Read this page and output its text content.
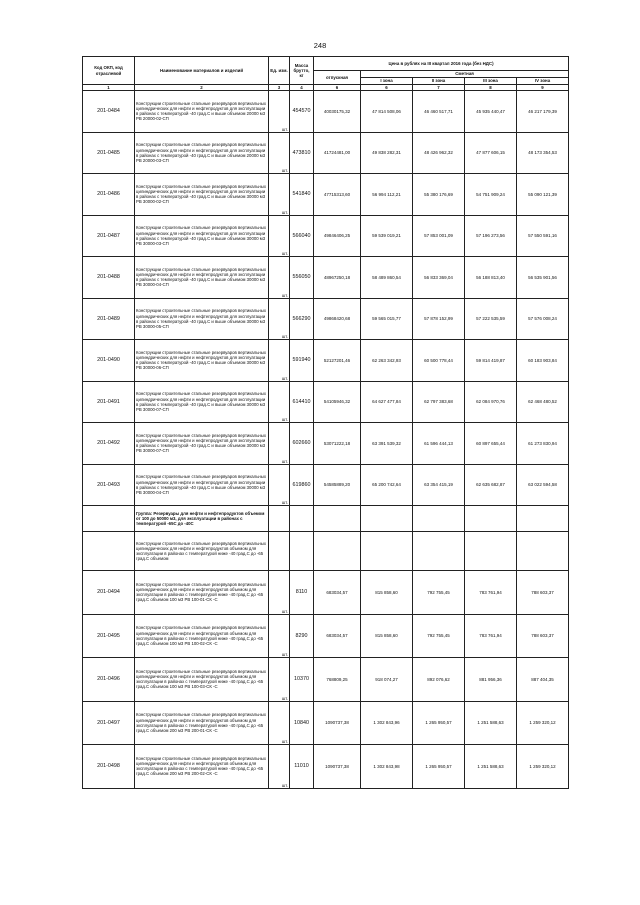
248
Код ОКП, код отраслевой	Наименование материалов и изделий	Ед. изм.	Масса брутто, кг	Цена в рублях на III квартал 2016 года (без НДС)				
				отпускная	Сметная			
					I зона	II зона	III зона	IV зона
1	2	3	4	6	6	7	8	9
201-0484	Конструкции строительные стальные резервуаров вертикальных цилиндрических для нефти и нефтепродуктов для эксплуатации в районах с температурой -40 град.С и выше объемом 20000 м3 РВ 20000-02-СП	шт.	454570	40030175,32	47 814 508,06	46 460 517,71	45 935 440,47	46 217 179,39
201-0485	Конструкции строительные стальные резервуаров вертикальных цилиндрических для нефти и нефтепродуктов для эксплуатации в районах с температурой -40 град.С и выше объемом 20000 м3 РВ 20000-03-СП	шт.	473810	41724481,00	49 838 282,31	48 426 962,32	47 877 606,15	48 173 354,53
201-0486	Конструкции строительные стальные резервуаров вертикальных цилиндрических для нефти и нефтепродуктов для эксплуатации в районах с температурой -40 град.С и выше объемом 30000 м3 РВ 30000-02-СП	шт.	541840	47715313,60	56 994 112,21	55 380 176,69	54 751 909,24	55 090 121,39
201-0487	Конструкции строительные стальные резервуаров вертикальных цилиндрических для нефти и нефтепродуктов для эксплуатации в районах с температурой -40 град.С и выше объемом 30000 м3 РВ 30000-03-СП	шт.	566040	49846406,25	59 539 019,21	57 853 001,09	57 196 273,56	57 550 591,16
201-0488	Конструкции строительные стальные резервуаров вертикальных цилиндрических для нефти и нефтепродуктов для эксплуатации в районах с температурой -40 град.С и выше объемом 30000 м3 РВ 30000-04-СП	шт.	556050	48967250,18	58 489 860,54	56 833 369,04	56 188 813,40	56 535 901,56
201-0489	Конструкции строительные стальные резервуаров вертикальных цилиндрических для нефти и нефтепродуктов для эксплуатации в районах с температурой -40 град.С и выше объемом 30000 м3 РВ 30000-05-СП	шт.	566290	49868420,68	59 565 015,77	57 878 152,99	57 222 535,59	57 576 008,24
201-0490	Конструкции строительные стальные резервуаров вертикальных цилиндрических для нефти и нефтепродуктов для эксплуатации в районах с температурой -40 град.С и выше объемом 30000 м3 РВ 30000-06-СП	шт.	591940	52127201,46	62 263 342,93	60 500 778,44	59 814 419,87	60 183 903,84
201-0491	Конструкции строительные стальные резервуаров вертикальных цилиндрических для нефти и нефтепродуктов для эксплуатации в районах с температурой -40 град.С и выше объемом 30000 м3 РВ 30000-07-СП	шт.	614410	54105946,32	64 627 477,84	62 797 383,68	62 084 970,76	62 468 480,52
201-0492	Конструкции строительные стальные резервуаров вертикальных цилиндрических для нефти и нефтепродуктов для эксплуатации в районах с температурой -40 град.С и выше объемом 30000 м3 РВ 30000-07-СП	шт.	602660	53071222,18	63 391 539,32	61 596 444,13	60 897 655,44	61 273 830,94
201-0493	Конструкции строительные стальные резервуаров вертикальных цилиндрических для нефти и нефтепродуктов для эксплуатации в районах с температурой -40 град.С и выше объемом 30000 м3 РВ 30000-04-СП	шт.	619860	54585889,20	65 200 742,64	63 354 415,19	62 635 682,87	63 022 594,58
	Группа: Резервуары для нефти и нефтепродуктов объемом от 100 до 50000 м3, для эксплуатации в районах с температурой -65С до -40С							
	Конструкции строительные стальные резервуаров вертикальных цилиндрических для нефти и нефтепродуктов объемом для эксплуатации в районах с температурой ниже -40 град.С до -65 град.С объемом							
201-0494	Конструкции строительные стальные резервуаров вертикальных цилиндрических для нефти и нефтепродуктов объемом для эксплуатации в районах с температурой ниже -40 град.С до -65 град.С объемом 100 м3 РВ 100-01-СК -С	шт.	8110	683034,57	815 858,60	792 755,45	783 761,94	788 603,37
201-0495	Конструкции строительные стальные резервуаров вертикальных цилиндрических для нефти и нефтепродуктов объемом для эксплуатации в районах с температурой ниже -40 град.С до -65 град.С объемом 100 м3 РВ 100-02-СК -С	шт.	8290	683034,57	815 858,60	792 755,45	783 761,94	788 603,37
201-0496	Конструкции строительные стальные резервуаров вертикальных цилиндрических для нефти и нефтепродуктов объемом для эксплуатации в районах с температурой ниже -40 град.С до -65 град.С объемом 100 м3 РВ 100-03-СК -С	шт.	10370	768809,25	918 074,27	892 076,62	881 956,36	887 404,35
201-0497	Конструкции строительные стальные резервуаров вертикальных цилиндрических для нефти и нефтепродуктов объемом для эксплуатации в районах с температурой ниже -40 град.С до -65 град.С объемом 200 м3 РВ 200-01-СК -С	шт.	10840	1090737,38	1 302 843,96	1 265 950,57	1 251 588,63	1 259 320,12
201-0498	Конструкции строительные стальные резервуаров вертикальных цилиндрических для нефти и нефтепродуктов объемом для эксплуатации в районах с температурой ниже -40 град.С до -65 град.С объемом 200 м3 РВ 200-02-СК -С	шт.	11010	1090737,38	1 302 843,98	1 265 950,57	1 251 588,63	1 259 320,12
